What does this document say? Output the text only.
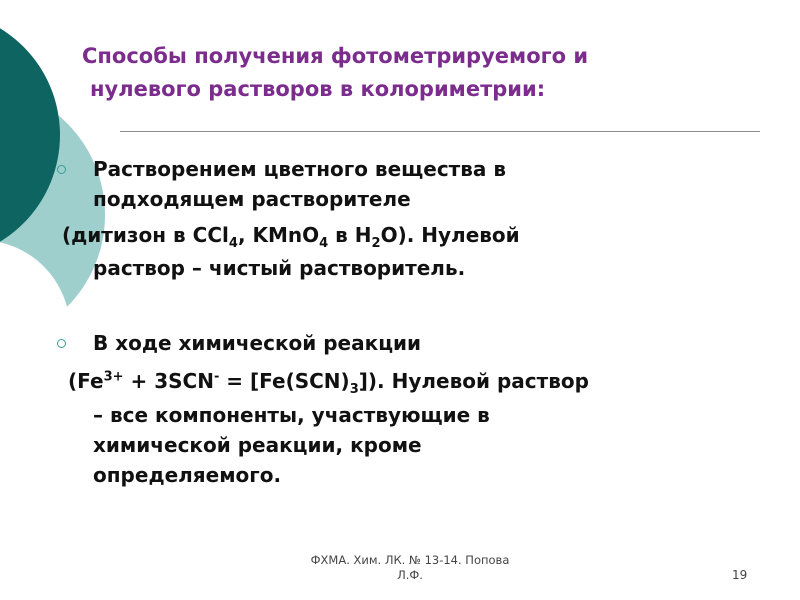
Способы получения фотометрируемого и
нулевого растворов в колориметрии:
Растворением цветного вещества в
подходящем растворителе
(дитизон в CCl$_4$, KMnO$_4$ в $H_2O$). Нулевой
раствор – чистый растворитель.
В ходе химической реакции
$(Fe^{3+} + 3SCN^- = [Fe(SCN)_3])$. Нулевой раствор
– все компоненты, участвующие в
химической реакции, кроме
определяемого.
ФХМА. Хим. ЛК. № 13-14. Попова
Л.Ф.	19
